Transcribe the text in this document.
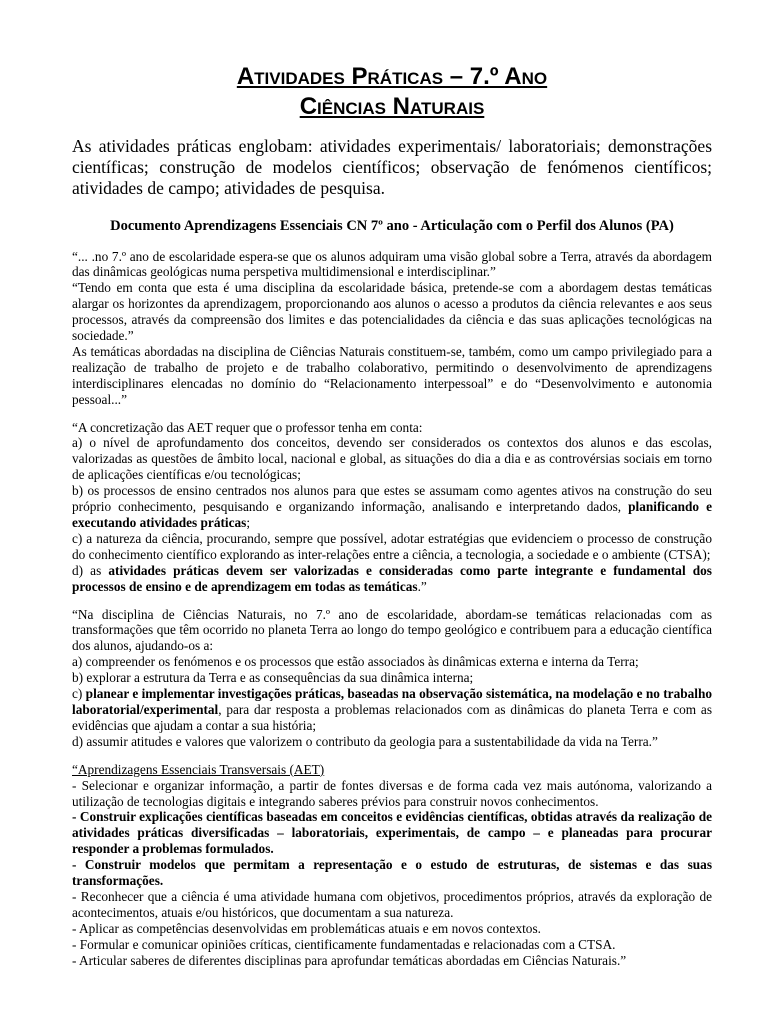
Atividades Práticas – 7.º Ano
Ciências Naturais

As atividades práticas englobam: atividades experimentais/ laboratoriais; demonstrações científicas; construção de modelos científicos; observação de fenómenos científicos; atividades de campo; atividades de pesquisa.

Documento Aprendizagens Essenciais CN 7º ano - Articulação com o Perfil dos Alunos (PA)

“... .no 7.º ano de escolaridade espera-se que os alunos adquiram uma visão global sobre a Terra, através da abordagem das dinâmicas geológicas numa perspetiva multidimensional e interdisciplinar.”

“Tendo em conta que esta é uma disciplina da escolaridade básica, pretende-se com a abordagem destas temáticas alargar os horizontes da aprendizagem, proporcionando aos alunos o acesso a produtos da ciência relevantes e aos seus processos, através da compreensão dos limites e das potencialidades da ciência e das suas aplicações tecnológicas na sociedade.”

As temáticas abordadas na disciplina de Ciências Naturais constituem-se, também, como um campo privilegiado para a realização de trabalho de projeto e de trabalho colaborativo, permitindo o desenvolvimento de aprendizagens interdisciplinares elencadas no domínio do “Relacionamento interpessoal” e do “Desenvolvimento e autonomia pessoal...”

“A concretização das AET requer que o professor tenha em conta:

a) o nível de aprofundamento dos conceitos, devendo ser considerados os contextos dos alunos e das escolas, valorizadas as questões de âmbito local, nacional e global, as situações do dia a dia e as controvérsias sociais em torno de aplicações científicas e/ou tecnológicas;

b) os processos de ensino centrados nos alunos para que estes se assumam como agentes ativos na construção do seu próprio conhecimento, pesquisando e organizando informação, analisando e interpretando dados, planificando e executando atividades práticas;

c) a natureza da ciência, procurando, sempre que possível, adotar estratégias que evidenciem o processo de construção do conhecimento científico explorando as inter-relações entre a ciência, a tecnologia, a sociedade e o ambiente (CTSA);

d) as atividades práticas devem ser valorizadas e consideradas como parte integrante e fundamental dos processos de ensino e de aprendizagem em todas as temáticas.”

“Na disciplina de Ciências Naturais, no 7.º ano de escolaridade, abordam-se temáticas relacionadas com as transformações que têm ocorrido no planeta Terra ao longo do tempo geológico e contribuem para a educação científica dos alunos, ajudando-os a:

a) compreender os fenómenos e os processos que estão associados às dinâmicas externa e interna da Terra;

b) explorar a estrutura da Terra e as consequências da sua dinâmica interna;

c) planear e implementar investigações práticas, baseadas na observação sistemática, na modelação e no trabalho laboratorial/experimental, para dar resposta a problemas relacionados com as dinâmicas do planeta Terra e com as evidências que ajudam a contar a sua história;

d) assumir atitudes e valores que valorizem o contributo da geologia para a sustentabilidade da vida na Terra.”

“Aprendizagens Essenciais Transversais (AET)

- Selecionar e organizar informação, a partir de fontes diversas e de forma cada vez mais autónoma, valorizando a utilização de tecnologias digitais e integrando saberes prévios para construir novos conhecimentos.

- Construir explicações científicas baseadas em conceitos e evidências científicas, obtidas através da realização de atividades práticas diversificadas – laboratoriais, experimentais, de campo – e planeadas para procurar responder a problemas formulados.

- Construir modelos que permitam a representação e o estudo de estruturas, de sistemas e das suas transformações.

- Reconhecer que a ciência é uma atividade humana com objetivos, procedimentos próprios, através da exploração de acontecimentos, atuais e/ou históricos, que documentam a sua natureza.

- Aplicar as competências desenvolvidas em problemáticas atuais e em novos contextos.

- Formular e comunicar opiniões críticas, cientificamente fundamentadas e relacionadas com a CTSA.

- Articular saberes de diferentes disciplinas para aprofundar temáticas abordadas em Ciências Naturais.”
